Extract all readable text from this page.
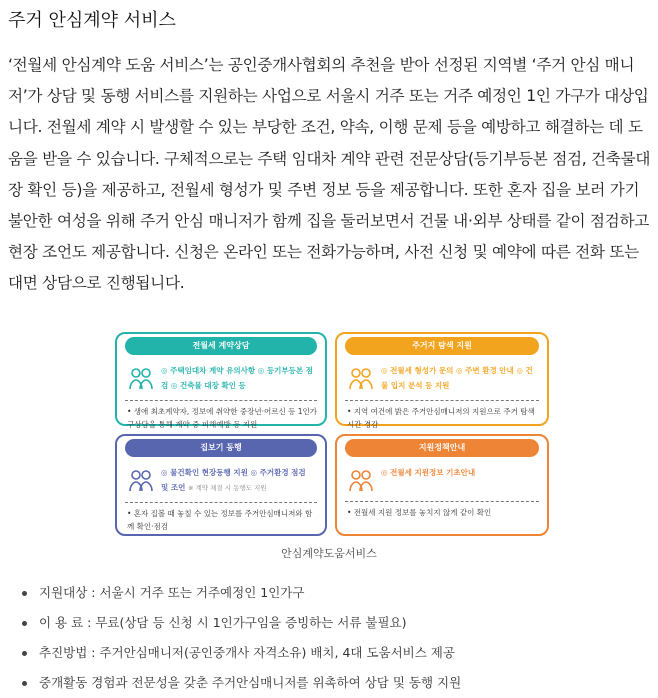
주거 안심계약 서비스
‘전월세 안심계약 도움 서비스’는 공인중개사협회의 추천을 받아 선정된 지역별 ‘주거 안심 매니저’가 상담 및 동행 서비스를 지원하는 사업으로 서울시 거주 또는 거주 예정인 1인 가구가 대상입니다. 전월세 계약 시 발생할 수 있는 부당한 조건, 약속, 이행 문제 등을 예방하고 해결하는 데 도움을 받을 수 있습니다. 구체적으로는 주택 임대차 계약 관련 전문상담(등기부등본 점검, 건축물대장 확인 등)을 제공하고, 전월세 형성가 및 주변 정보 등을 제공합니다. 또한 혼자 집을 보러 가기 불안한 여성을 위해 주거 안심 매니저가 함께 집을 둘러보면서 건물 내·외부 상태를 같이 점검하고 현장 조언도 제공합니다. 신청은 온라인 또는 전화가능하며, 사전 신청 및 예약에 따른 전화 또는 대면 상담으로 진행됩니다.
전월세 계약상담
◎ 주택임대차 계약 유의사항 ◎ 등기부등본 점검 ◎ 건축물 대장 확인 등
• 생애 최초계약자, 정보에 취약한 중장년·어르신 등 1인가구상담을 통해 계약 중 피해예방 등 지원
주거지 탐색 지원
◎ 전월세 형성가 문의 ◎ 주변 환경 안내 ◎ 건물 입지 분석 등 지원
• 지역 여건에 밝은 주거안심매니저의 지원으로 주거 탐색 시간 경감
집보기 동행
◎ 물건확인 현장동행 지원 ◎ 주거환경 점검 및 조언 ※ 계약 체결 시 동행도 지원
• 혼자 집볼 때 놓칠 수 있는 정보를 주거안심매니저와 함께 확인·점검
지원정책안내
◎ 전월세 지원정보 기초안내
• 전월세 지원 정보를 놓치지 않게 같이 확인
안심계약도움서비스
지원대상 : 서울시 거주 또는 거주예정인 1인가구
이 용 료 : 무료(상담 등 신청 시 1인가구임을 증빙하는 서류 불필요)
추진방법 : 주거안심매니저(공인중개사 자격소유) 배치, 4대 도움서비스 제공
중개활동 경험과 전문성을 갖춘 주거안심매니저를 위촉하여 상담 및 동행 지원
